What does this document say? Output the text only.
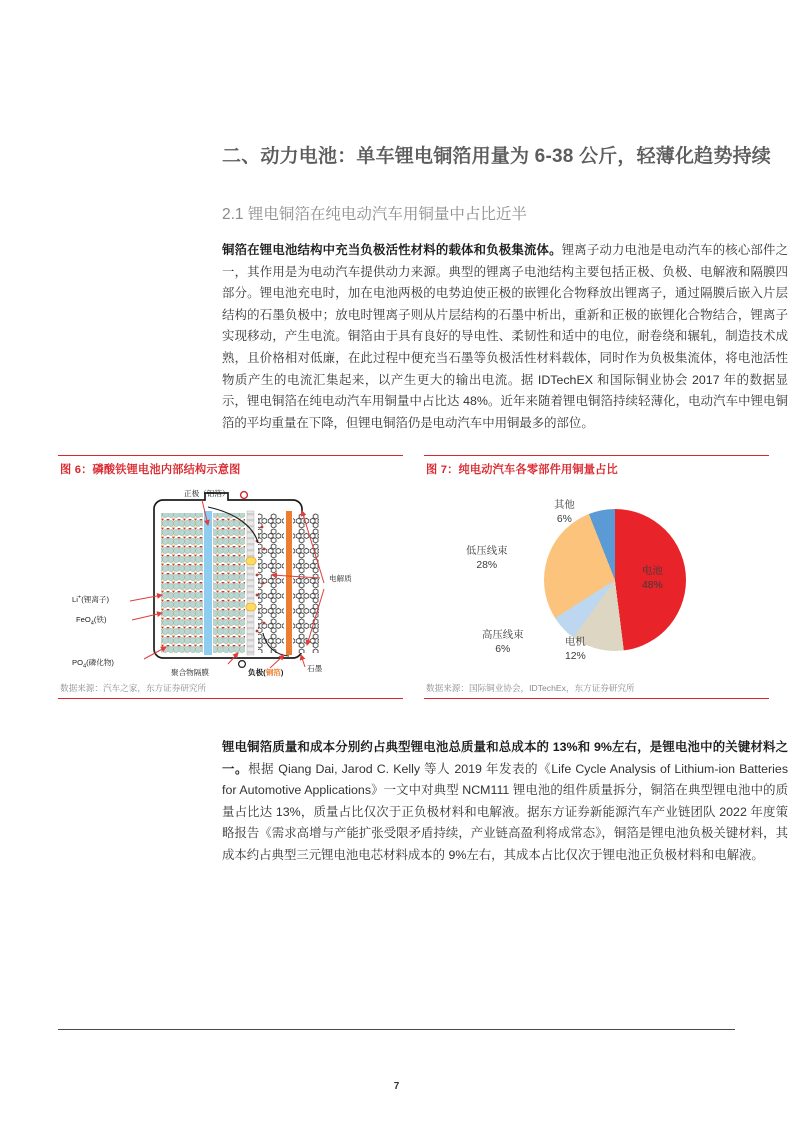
二、动力电池：单车锂电铜箔用量为 6-38 公斤，轻薄化趋势持续
2.1 锂电铜箔在纯电动汽车用铜量中占比近半
铜箔在锂电池结构中充当负极活性材料的载体和负极集流体。锂离子动力电池是电动汽车的核心部件之一，其作用是为电动汽车提供动力来源。典型的锂离子电池结构主要包括正极、负极、电解液和隔膜四部分。锂电池充电时，加在电池两极的电势迫使正极的嵌锂化合物释放出锂离子，通过隔膜后嵌入片层结构的石墨负极中；放电时锂离子则从片层结构的石墨中析出，重新和正极的嵌锂化合物结合，锂离子实现移动，产生电流。铜箔由于具有良好的导电性、柔韧性和适中的电位，耐卷绕和辗轧，制造技术成熟，且价格相对低廉，在此过程中便充当石墨等负极活性材料载体，同时作为负极集流体，将电池活性物质产生的电流汇集起来，以产生更大的输出电流。据 IDTechEX 和国际铜业协会 2017 年的数据显示，锂电铜箔在纯电动汽车用铜量中占比达 48%。近年来随着锂电铜箔持续轻薄化，电动汽车中锂电铜箔的平均重量在下降，但锂电铜箔仍是电动汽车中用铜最多的部位。
图 6：磷酸铁锂电池内部结构示意图
正极（铝箔）
Li+(锂离子)
FeO$_4$(铁)
$PO_4$(磷化物)
聚合物隔膜	负极(铜箔)	石墨
电解质
数据来源：汽车之家，东方证券研究所
图 7：纯电动汽车各零部件用铜量占比
电池
48%
电机
12%
高压线束
6%
低压线束
28%
其他
6%
数据来源：国际铜业协会，IDTechEx，东方证券研究所
锂电铜箔质量和成本分别约占典型锂电池总质量和总成本的 13%和 9%左右，是锂电池中的关键材料之一。根据 Qiang Dai, Jarod C. Kelly 等人 2019 年发表的《Life Cycle Analysis of Lithium-ion Batteries for Automotive Applications》一文中对典型 NCM111 锂电池的组件质量拆分，铜箔在典型锂电池中的质量占比达 13%，质量占比仅次于正负极材料和电解液。据东方证券新能源汽车产业链团队 2022 年度策略报告《需求高增与产能扩张受限矛盾持续，产业链高盈利将成常态》，铜箔是锂电池负极关键材料，其成本约占典型三元锂电池电芯材料成本的 9%左右，其成本占比仅次于锂电池正负极材料和电解液。
7
